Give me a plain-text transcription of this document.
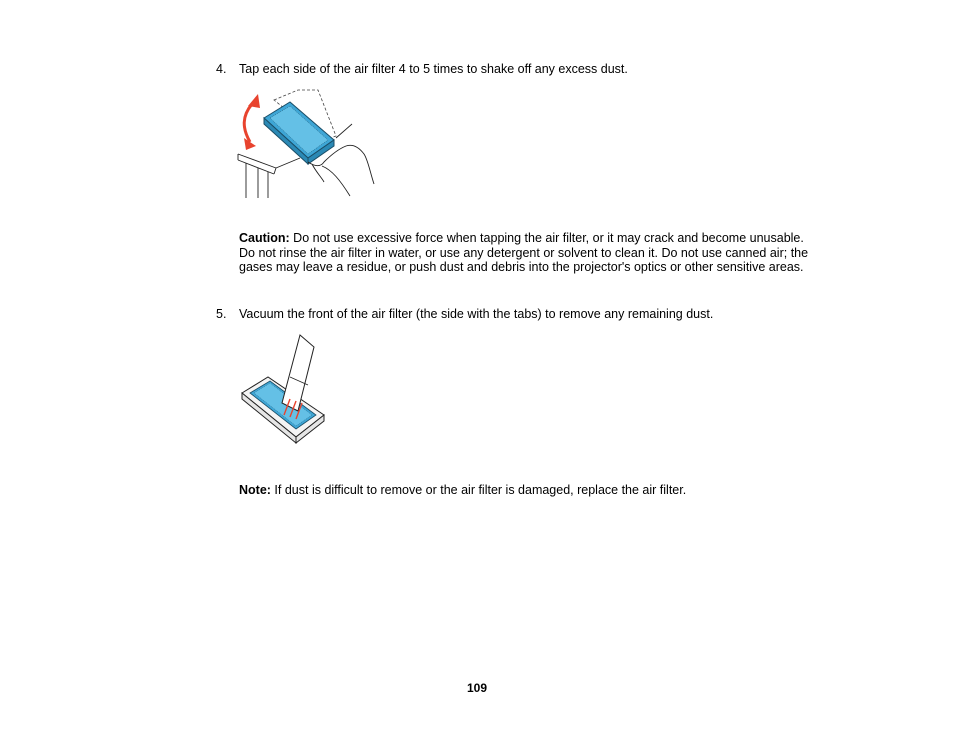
4. Tap each side of the air filter 4 to 5 times to shake off any excess dust.
Caution: Do not use excessive force when tapping the air filter, or it may crack and become unusable. Do not rinse the air filter in water, or use any detergent or solvent to clean it. Do not use canned air; the gases may leave a residue, or push dust and debris into the projector's optics or other sensitive areas.
5. Vacuum the front of the air filter (the side with the tabs) to remove any remaining dust.
Note: If dust is difficult to remove or the air filter is damaged, replace the air filter.
109
